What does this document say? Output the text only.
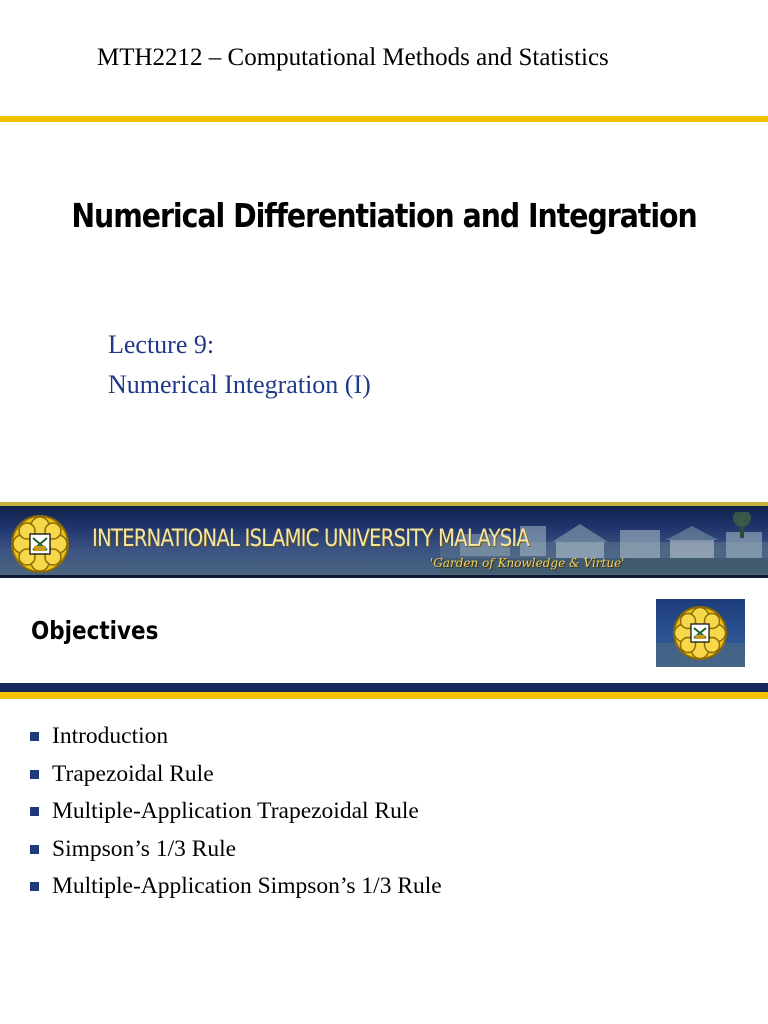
MTH2212 – Computational Methods and Statistics
Numerical Differentiation and Integration
Lecture 9:
Numerical Integration (I)
INTERNATIONAL ISLAMIC UNIVERSITY MALAYSIA
'Garden of Knowledge & Virtue'
Objectives
Introduction
Trapezoidal Rule
Multiple-Application Trapezoidal Rule
Simpson’s 1/3 Rule
Multiple-Application Simpson’s 1/3 Rule
